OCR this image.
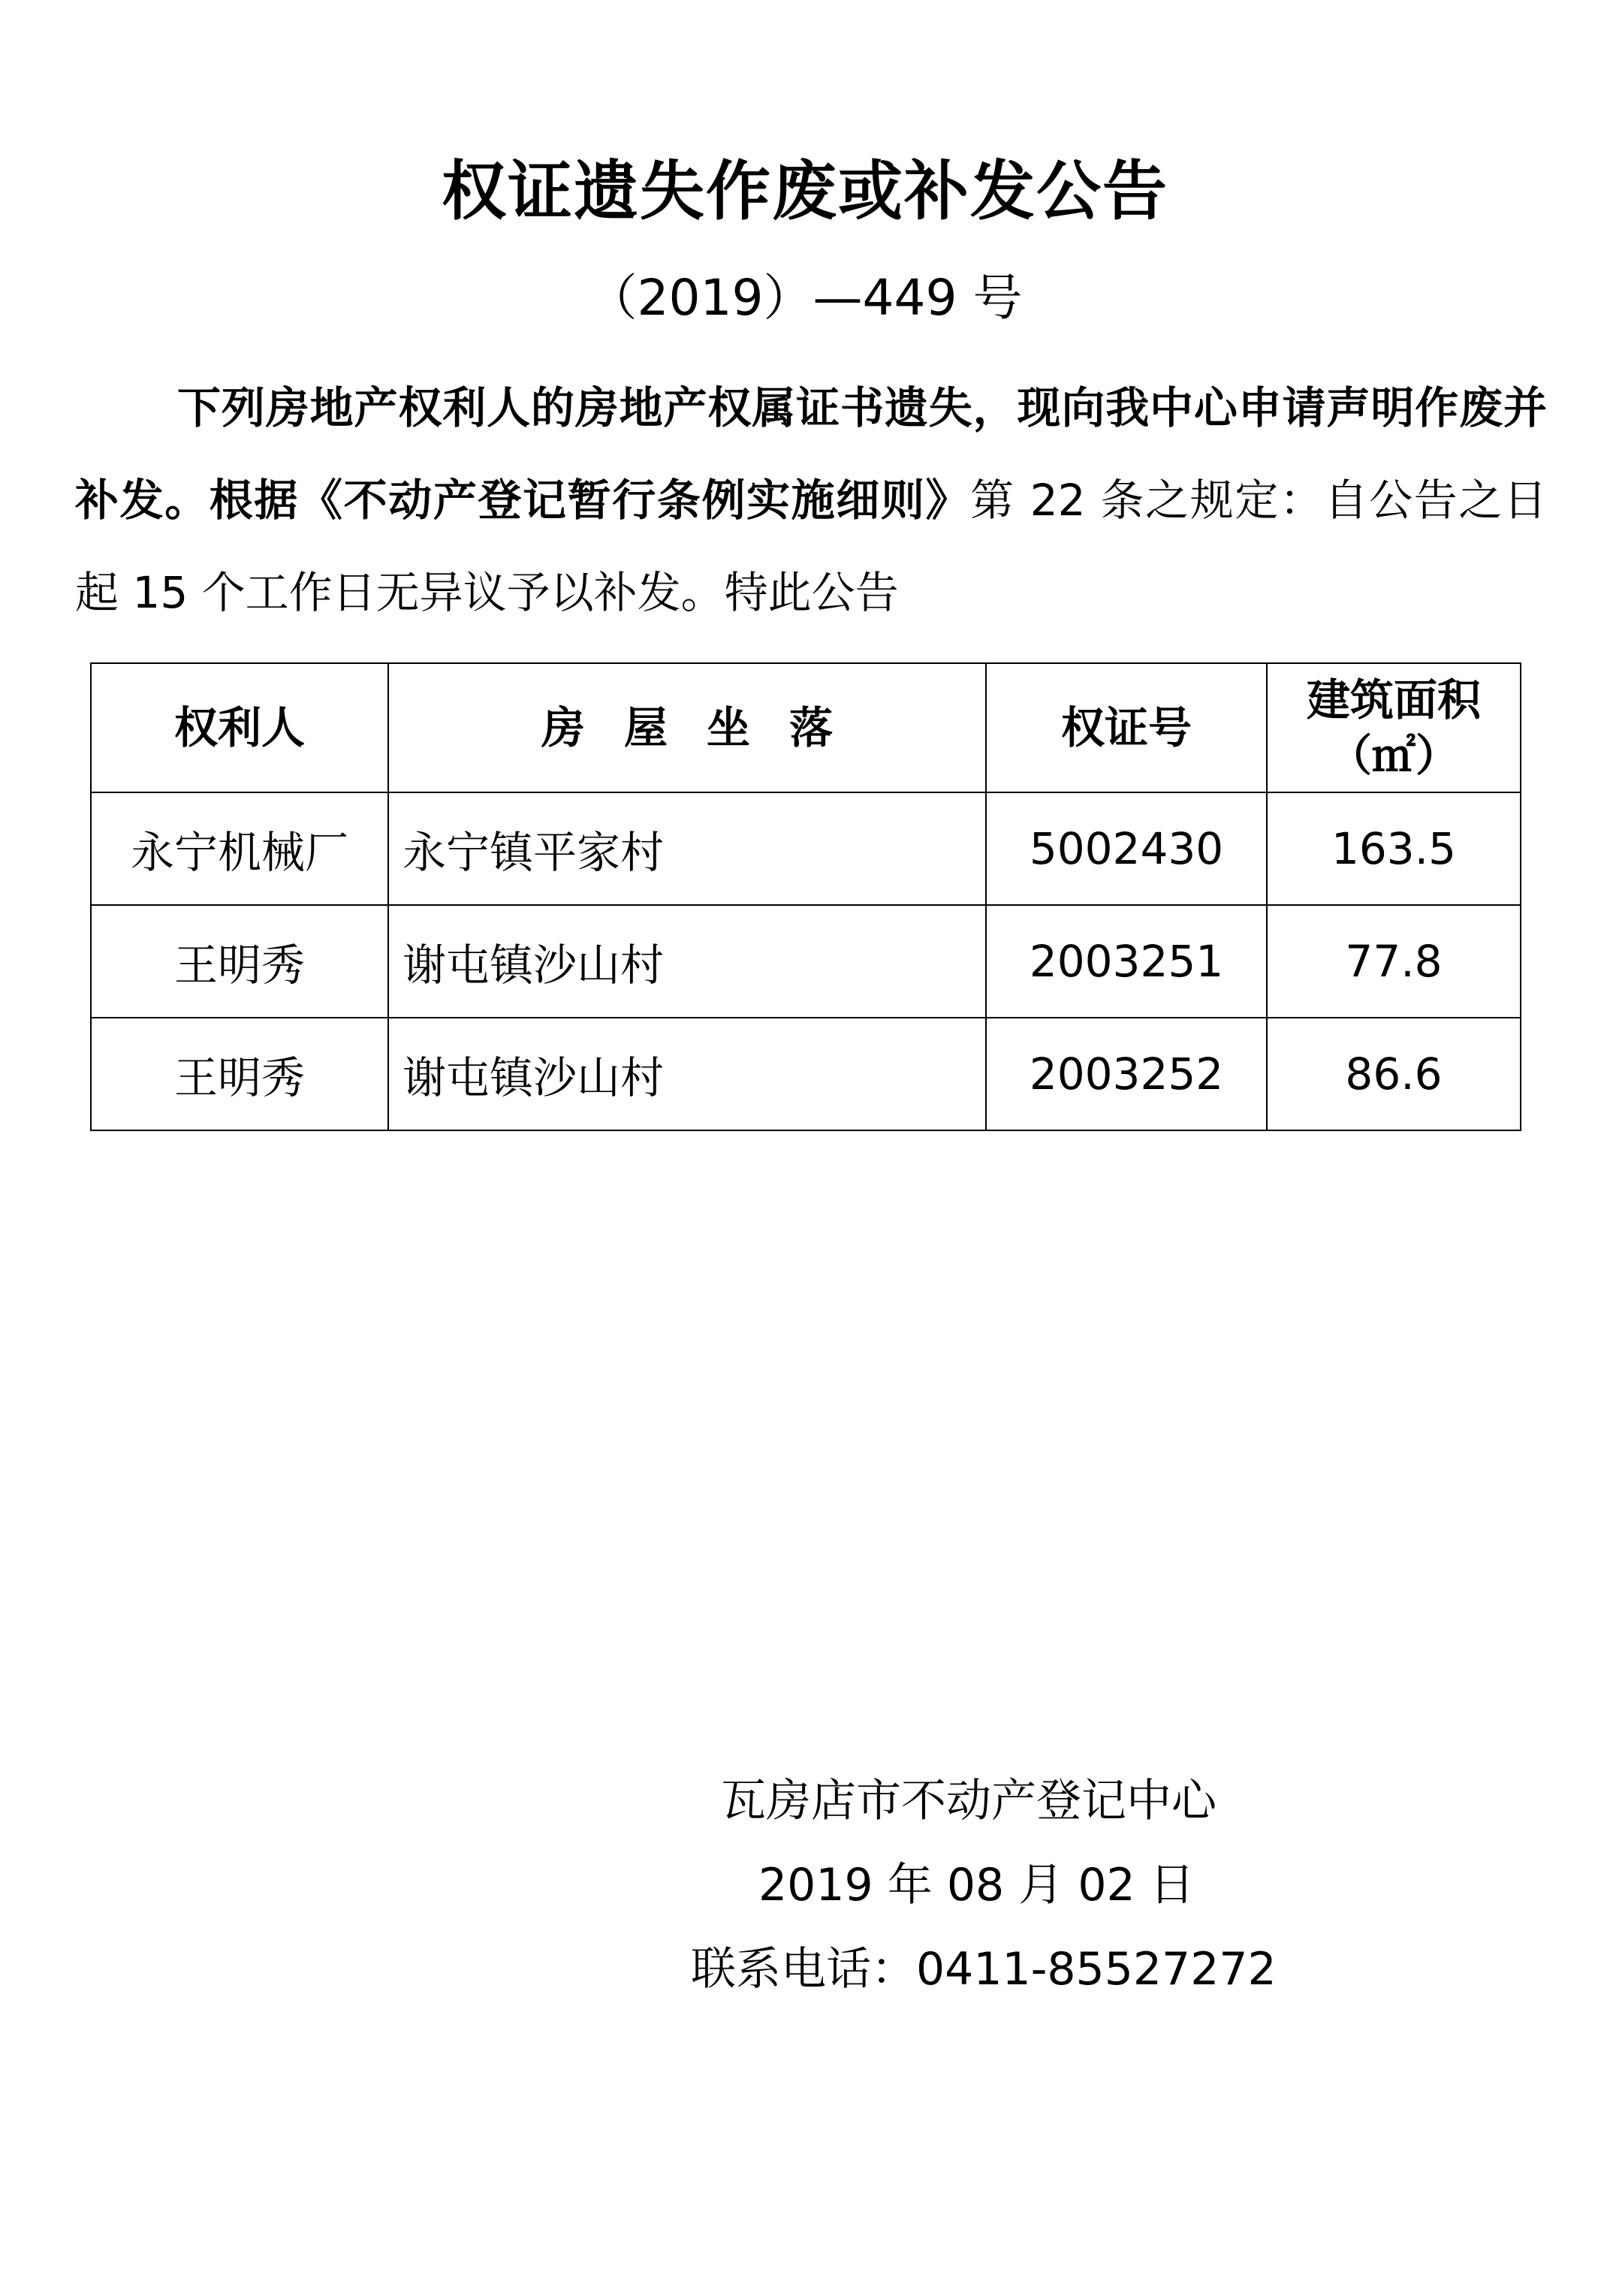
权证遗失作废或补发公告
（2019）—449 号
下列房地产权利人的房地产权属证书遗失，现向我中心申请声明作废并补发。根据《不动产登记暂行条例实施细则》第 22 条之规定：自公告之日起 15 个工作日无异议予以补发。特此公告
权利人	房 屋 坐 落	权证号	建筑面积
（㎡）

永宁机械厂	永宁镇平家村	5002430	163.5
王明秀	谢屯镇沙山村	2003251	77.8
王明秀	谢屯镇沙山村	2003252	86.6
瓦房店市不动产登记中心
2019 年 08 月 02 日
联系电话：0411-85527272
